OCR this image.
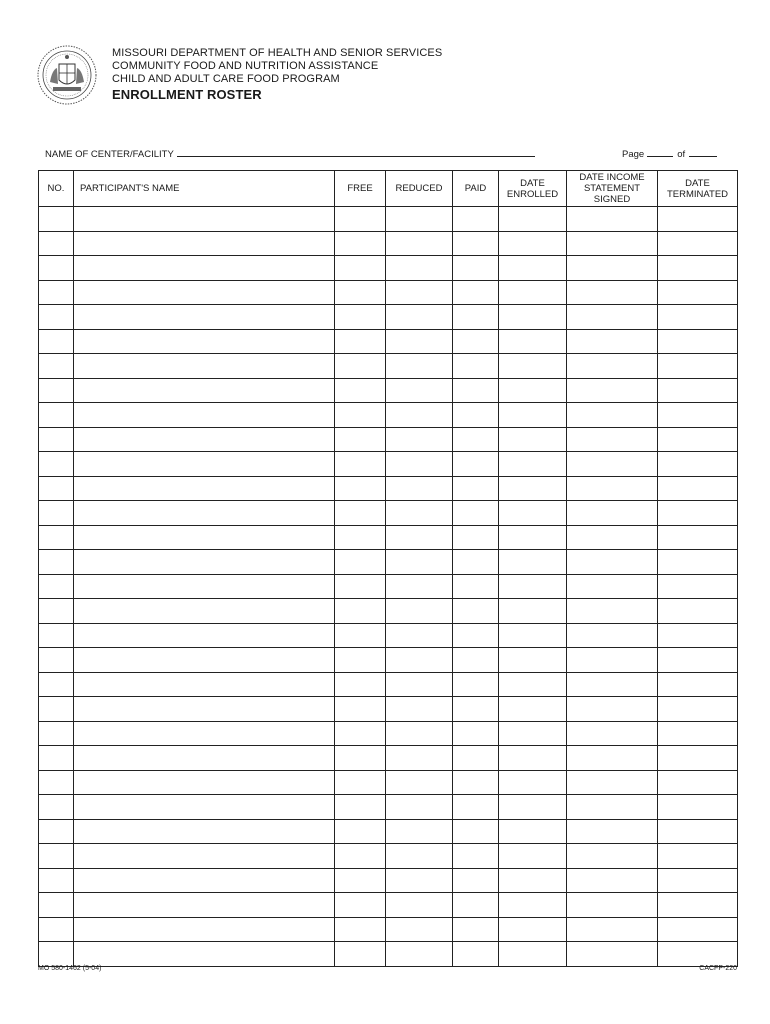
MISSOURI DEPARTMENT OF HEALTH AND SENIOR SERVICES
COMMUNITY FOOD AND NUTRITION ASSISTANCE
CHILD AND ADULT CARE FOOD PROGRAM
ENROLLMENT ROSTER
NAME OF CENTER/FACILITY	Page	of
NO.	PARTICIPANT'S NAME	FREE	REDUCED	PAID	DATE ENROLLED	DATE INCOME STATEMENT SIGNED	DATE TERMINATED

MO 580-1462 (5-04)	CACFP-220
